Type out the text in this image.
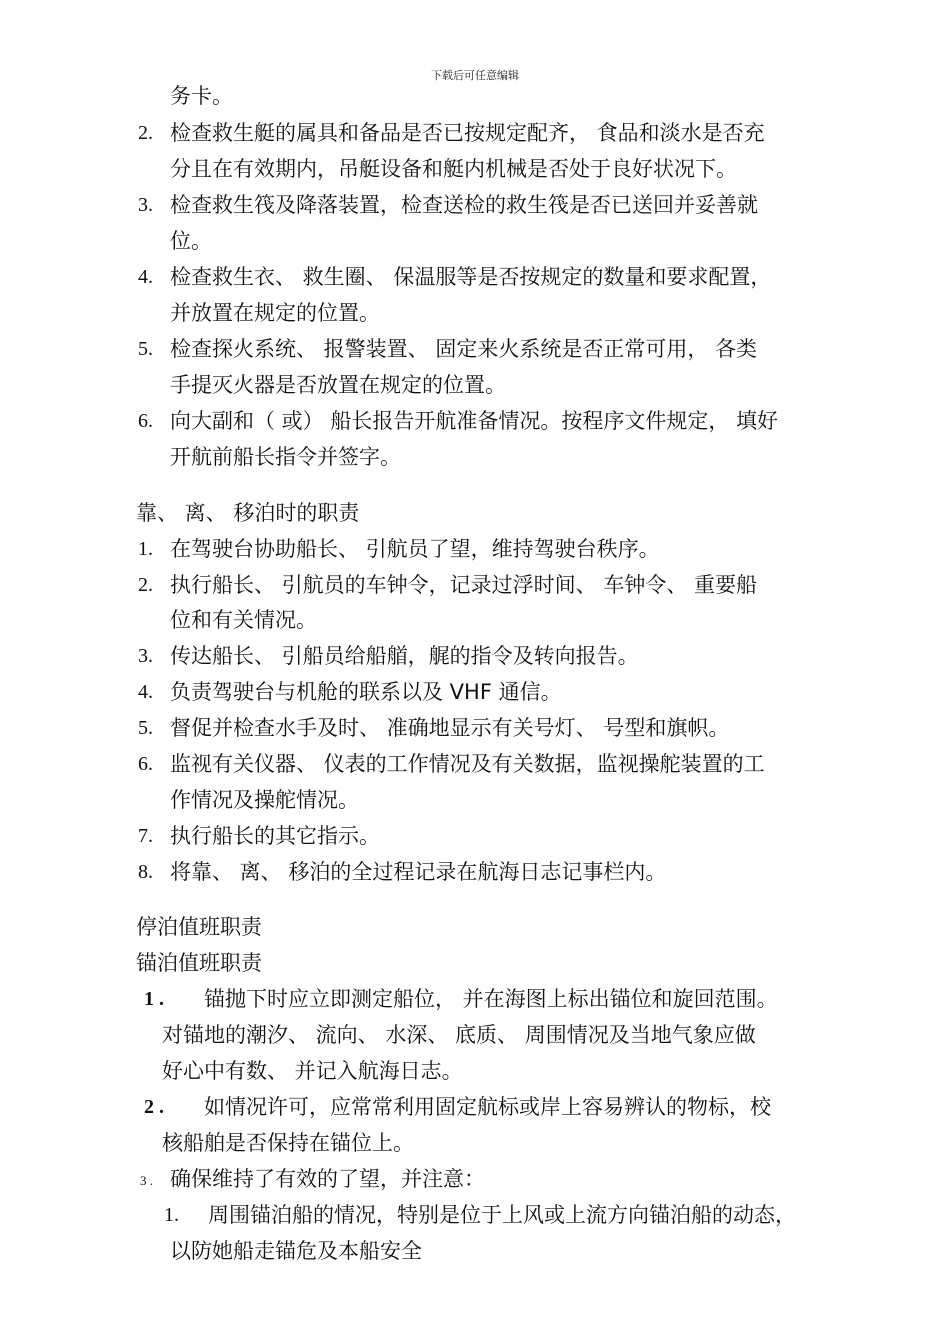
下载后可任意编辑
务卡。
2. 检查救生艇的属具和备品是否已按规定配齐， 食品和淡水是否充
分且在有效期内，吊艇设备和艇内机械是否处于良好状况下。
3. 检查救生筏及降落装置，检查送检的救生筏是否已送回并妥善就
位。
4. 检查救生衣、 救生圈、 保温服等是否按规定的数量和要求配置，
并放置在规定的位置。
5. 检查探火系统、 报警装置、 固定来火系统是否正常可用， 各类
手提灭火器是否放置在规定的位置。
6. 向大副和（ 或） 船长报告开航准备情况。按程序文件规定， 填好
开航前船长指令并签字。
靠、 离、 移泊时的职责
1. 在驾驶台协助船长、 引航员了望，维持驾驶台秩序。
2. 执行船长、 引航员的车钟令，记录过浮时间、 车钟令、 重要船
位和有关情况。
3. 传达船长、 引船员给船艏，艉的指令及转向报告。
4. 负责驾驶台与机舱的联系以及 VHF 通信。
5. 督促并检查水手及时、 准确地显示有关号灯、 号型和旗帜。
6. 监视有关仪器、 仪表的工作情况及有关数据，监视操舵装置的工
作情况及操舵情况。
7. 执行船长的其它指示。
8. 将靠、 离、 移泊的全过程记录在航海日志记事栏内。
停泊值班职责
锚泊值班职责
1 . 锚抛下时应立即测定船位， 并在海图上标出锚位和旋回范围。
对锚地的潮汐、 流向、 水深、 底质、 周围情况及当地气象应做
好心中有数、 并记入航海日志。
2 . 如情况许可，应常常利用固定航标或岸上容易辨认的物标，校
核船舶是否保持在锚位上。
3 . 确保维持了有效的了望，并注意：
1. 周围锚泊船的情况，特别是位于上风或上流方向锚泊船的动态，
以防她船走锚危及本船安全
